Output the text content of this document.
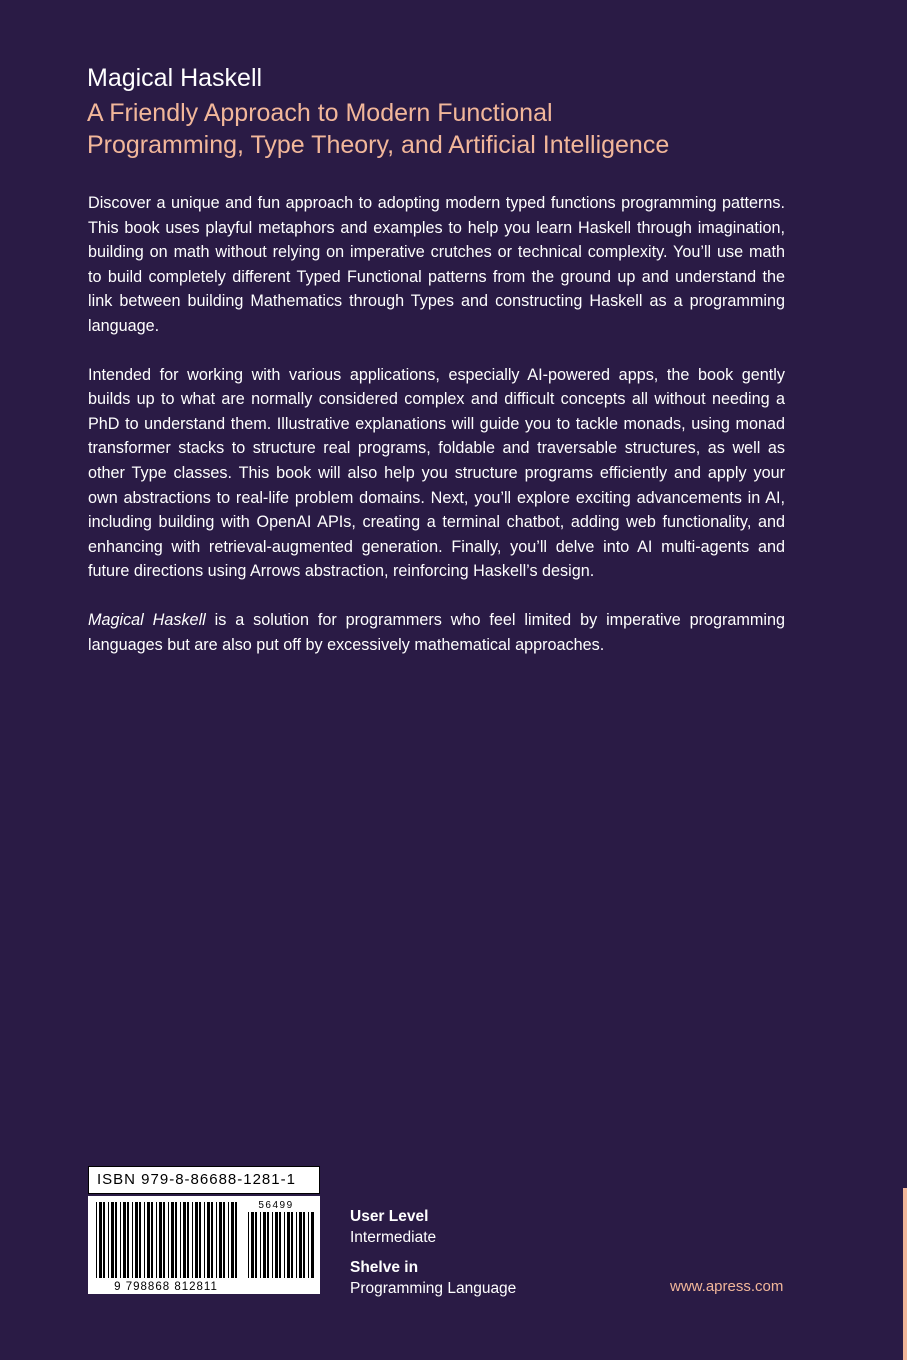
Magical Haskell
A Friendly Approach to Modern Functional
Programming, Type Theory, and Artificial Intelligence

Discover a unique and fun approach to adopting modern typed functions programming patterns. This book uses playful metaphors and examples to help you learn Haskell through imagination, building on math without relying on imperative crutches or technical complexity. You’ll use math to build completely different Typed Functional patterns from the ground up and understand the link between building Mathematics through Types and constructing Haskell as a programming language.

Intended for working with various applications, especially AI-powered apps, the book gently builds up to what are normally considered complex and difficult concepts all without needing a PhD to understand them. Illustrative explanations will guide you to tackle monads, using monad transformer stacks to structure real programs, foldable and traversable structures, as well as other Type classes. This book will also help you structure programs efficiently and apply your own abstractions to real-life problem domains. Next, you’ll explore exciting advancements in AI, including building with OpenAI APIs, creating a terminal chatbot, adding web functionality, and enhancing with retrieval-augmented generation. Finally, you’ll delve into AI multi-agents and future directions using Arrows abstraction, reinforcing Haskell’s design.

Magical Haskell is a solution for programmers who feel limited by imperative programming languages but are also put off by excessively mathematical approaches.

ISBN 979-8-86688-1281-1
56499
9 798868 812811
User Level
Intermediate
Shelve in
Programming Language	www.apress.com
